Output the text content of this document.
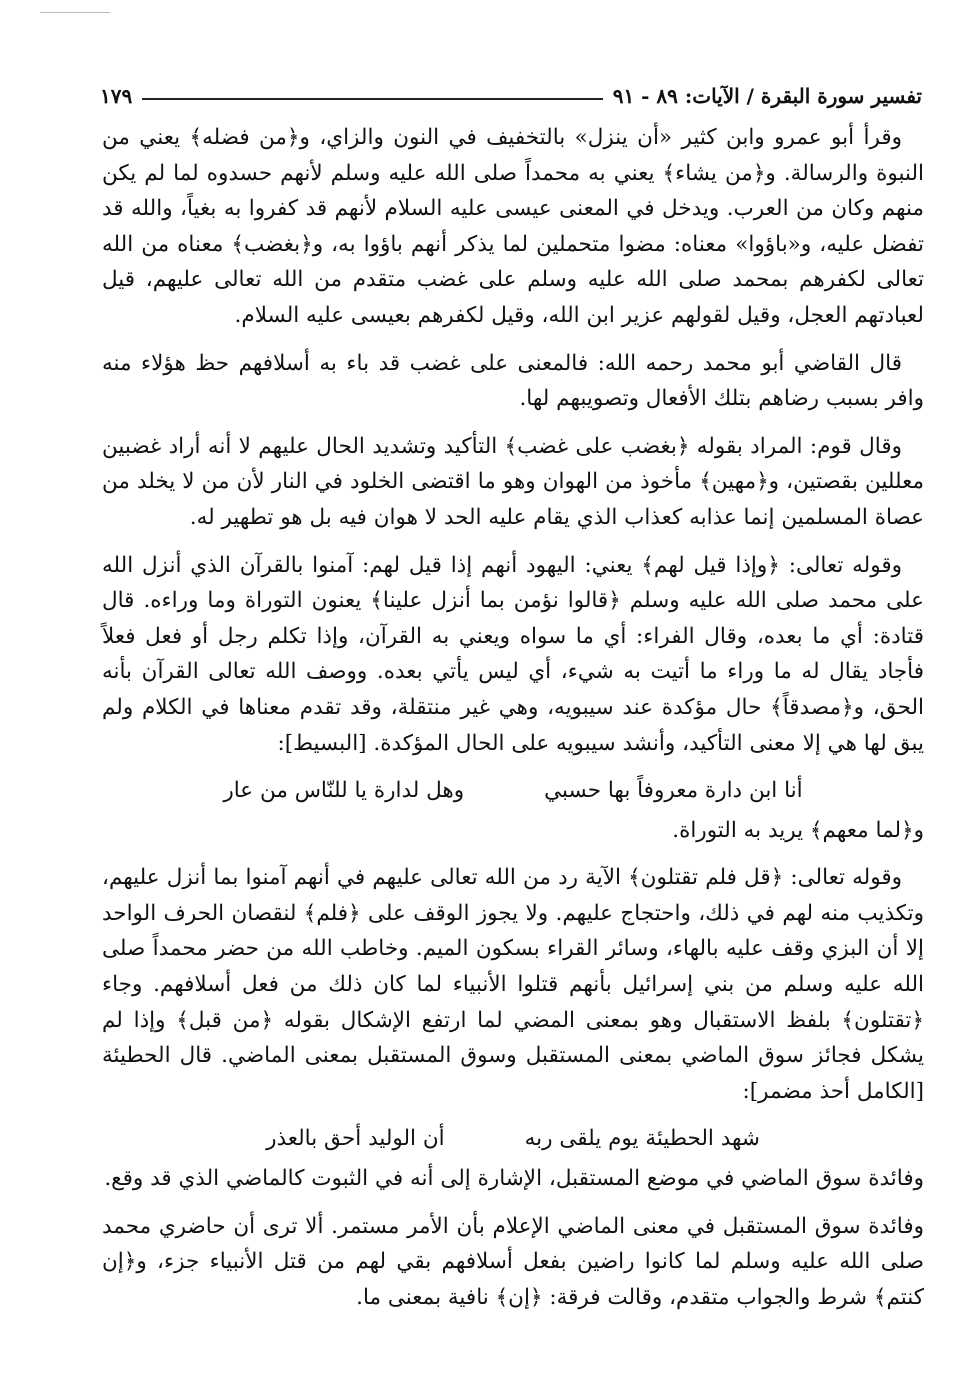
تفسير سورة البقرة / الآيات: ٨٩ - ٩١
١٧٩

وقرأ أبو عمرو وابن كثير «أن ينزل» بالتخفيف في النون والزاي، و﴿من فضله﴾ يعني من النبوة والرسالة. و﴿من يشاء﴾ يعني به محمداً صلى الله عليه وسلم لأنهم حسدوه لما لم يكن منهم وكان من العرب. ويدخل في المعنى عيسى عليه السلام لأنهم قد كفروا به بغياً، والله قد تفضل عليه، و«باؤوا» معناه: مضوا متحملين لما يذكر أنهم باؤوا به، و﴿بغضب﴾ معناه من الله تعالى لكفرهم بمحمد صلى الله عليه وسلم على غضب متقدم من الله تعالى عليهم، قيل لعبادتهم العجل، وقيل لقولهم عزير ابن الله، وقيل لكفرهم بعيسى عليه السلام.

قال القاضي أبو محمد رحمه الله: فالمعنى على غضب قد باء به أسلافهم حظ هؤلاء منه وافر بسبب رضاهم بتلك الأفعال وتصويبهم لها.

وقال قوم: المراد بقوله ﴿بغضب على غضب﴾ التأكيد وتشديد الحال عليهم لا أنه أراد غضبين معللين بقصتين، و﴿مهين﴾ مأخوذ من الهوان وهو ما اقتضى الخلود في النار لأن من لا يخلد من عصاة المسلمين إنما عذابه كعذاب الذي يقام عليه الحد لا هوان فيه بل هو تطهير له.

وقوله تعالى: ﴿وإذا قيل لهم﴾ يعني: اليهود أنهم إذا قيل لهم: آمنوا بالقرآن الذي أنزل الله على محمد صلى الله عليه وسلم ﴿قالوا نؤمن بما أنزل علينا﴾ يعنون التوراة وما وراءه. قال قتادة: أي ما بعده، وقال الفراء: أي ما سواه ويعني به القرآن، وإذا تكلم رجل أو فعل فعلاً فأجاد يقال له ما وراء ما أتيت به شيء، أي ليس يأتي بعده. ووصف الله تعالى القرآن بأنه الحق، و﴿مصدقاً﴾ حال مؤكدة عند سيبويه، وهي غير منتقلة، وقد تقدم معناها في الكلام ولم يبق لها هي إلا معنى التأكيد، وأنشد سيبويه على الحال المؤكدة. [البسيط]:

أنا ابن دارة معروفاً بها حسبي
وهل لدارة يا للنّاس من عار

و﴿لما معهم﴾ يريد به التوراة.

وقوله تعالى: ﴿قل فلم تقتلون﴾ الآية رد من الله تعالى عليهم في أنهم آمنوا بما أنزل عليهم، وتكذيب منه لهم في ذلك، واحتجاج عليهم. ولا يجوز الوقف على ﴿فلم﴾ لنقصان الحرف الواحد إلا أن البزي وقف عليه بالهاء، وسائر القراء بسكون الميم. وخاطب الله من حضر محمداً صلى الله عليه وسلم من بني إسرائيل بأنهم قتلوا الأنبياء لما كان ذلك من فعل أسلافهم. وجاء ﴿تقتلون﴾ بلفظ الاستقبال وهو بمعنى المضي لما ارتفع الإشكال بقوله ﴿من قبل﴾ وإذا لم يشكل فجائز سوق الماضي بمعنى المستقبل وسوق المستقبل بمعنى الماضي. قال الحطيئة [الكامل أحذ مضمر]:

شهد الحطيئة يوم يلقى ربه
أن الوليد أحق بالعذر

وفائدة سوق الماضي في موضع المستقبل، الإشارة إلى أنه في الثبوت كالماضي الذي قد وقع.

وفائدة سوق المستقبل في معنى الماضي الإعلام بأن الأمر مستمر. ألا ترى أن حاضري محمد صلى الله عليه وسلم لما كانوا راضين بفعل أسلافهم بقي لهم من قتل الأنبياء جزء، و﴿إن كنتم﴾ شرط والجواب متقدم، وقالت فرقة: ﴿إن﴾ نافية بمعنى ما.
